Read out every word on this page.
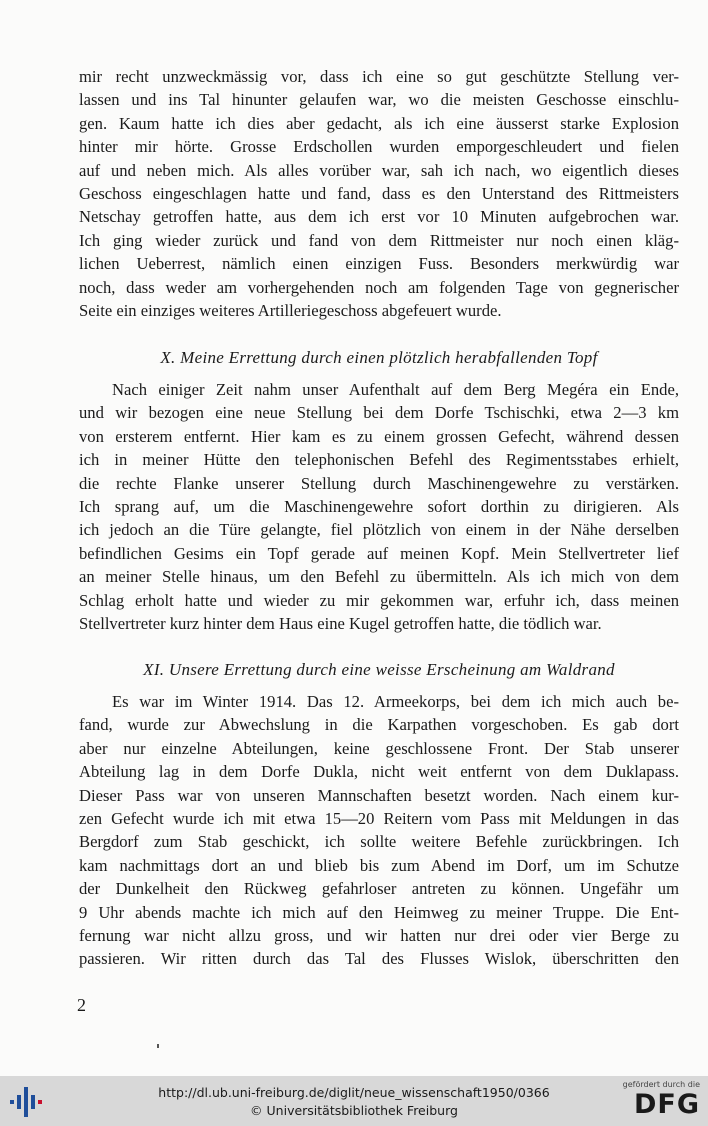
mir recht unzweckmässig vor, dass ich eine so gut geschützte Stellung ver-
lassen und ins Tal hinunter gelaufen war, wo die meisten Geschosse einschlu-
gen. Kaum hatte ich dies aber gedacht, als ich eine äusserst starke Explosion
hinter mir hörte. Grosse Erdschollen wurden emporgeschleudert und fielen
auf und neben mich. Als alles vorüber war, sah ich nach, wo eigentlich dieses
Geschoss eingeschlagen hatte und fand, dass es den Unterstand des Rittmeisters
Netschay getroffen hatte, aus dem ich erst vor 10 Minuten aufgebrochen war.
Ich ging wieder zurück und fand von dem Rittmeister nur noch einen kläg-
lichen Ueberrest, nämlich einen einzigen Fuss. Besonders merkwürdig war
noch, dass weder am vorhergehenden noch am folgenden Tage von gegnerischer
Seite ein einziges weiteres Artilleriegeschoss abgefeuert wurde.
X. Meine Errettung durch einen plötzlich herabfallenden Topf
Nach einiger Zeit nahm unser Aufenthalt auf dem Berg Megéra ein Ende,
und wir bezogen eine neue Stellung bei dem Dorfe Tschischki, etwa 2—3 km
von ersterem entfernt. Hier kam es zu einem grossen Gefecht, während dessen
ich in meiner Hütte den telephonischen Befehl des Regimentsstabes erhielt,
die rechte Flanke unserer Stellung durch Maschinengewehre zu verstärken.
Ich sprang auf, um die Maschinengewehre sofort dorthin zu dirigieren. Als
ich jedoch an die Türe gelangte, fiel plötzlich von einem in der Nähe derselben
befindlichen Gesims ein Topf gerade auf meinen Kopf. Mein Stellvertreter lief
an meiner Stelle hinaus, um den Befehl zu übermitteln. Als ich mich von dem
Schlag erholt hatte und wieder zu mir gekommen war, erfuhr ich, dass meinen
Stellvertreter kurz hinter dem Haus eine Kugel getroffen hatte, die tödlich war.
XI. Unsere Errettung durch eine weisse Erscheinung am Waldrand
Es war im Winter 1914. Das 12. Armeekorps, bei dem ich mich auch be-
fand, wurde zur Abwechslung in die Karpathen vorgeschoben. Es gab dort
aber nur einzelne Abteilungen, keine geschlossene Front. Der Stab unserer
Abteilung lag in dem Dorfe Dukla, nicht weit entfernt von dem Duklapass.
Dieser Pass war von unseren Mannschaften besetzt worden. Nach einem kur-
zen Gefecht wurde ich mit etwa 15—20 Reitern vom Pass mit Meldungen in das
Bergdorf zum Stab geschickt, ich sollte weitere Befehle zurückbringen. Ich
kam nachmittags dort an und blieb bis zum Abend im Dorf, um im Schutze
der Dunkelheit den Rückweg gefahrloser antreten zu können. Ungefähr um
9 Uhr abends machte ich mich auf den Heimweg zu meiner Truppe. Die Ent-
fernung war nicht allzu gross, und wir hatten nur drei oder vier Berge zu
passieren. Wir ritten durch das Tal des Flusses Wislok, überschritten den
2
http://dl.ub.uni-freiburg.de/diglit/neue_wissenschaft1950/0366
© Universitätsbibliothek Freiburg
gefördert durch die
DFG
